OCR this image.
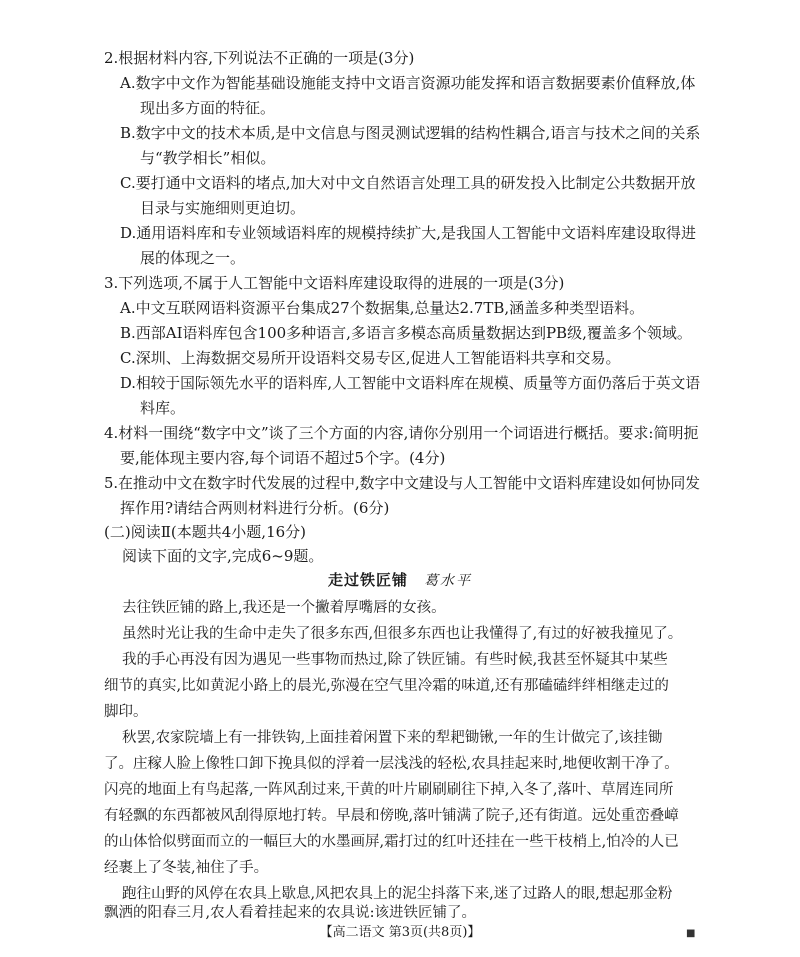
2.根据材料内容,下列说法不正确的一项是(3分)
A.数字中文作为智能基础设施能支持中文语言资源功能发挥和语言数据要素价值释放,体
现出多方面的特征。
B.数字中文的技术本质,是中文信息与图灵测试逻辑的结构性耦合,语言与技术之间的关系
与“教学相长”相似。
C.要打通中文语料的堵点,加大对中文自然语言处理工具的研发投入比制定公共数据开放
目录与实施细则更迫切。
D.通用语料库和专业领域语料库的规模持续扩大,是我国人工智能中文语料库建设取得进
展的体现之一。
3.下列选项,不属于人工智能中文语料库建设取得的进展的一项是(3分)
A.中文互联网语料资源平台集成27个数据集,总量达2.7TB,涵盖多种类型语料。
B.西部AI语料库包含100多种语言,多语言多模态高质量数据达到PB级,覆盖多个领域。
C.深圳、上海数据交易所开设语料交易专区,促进人工智能语料共享和交易。
D.相较于国际领先水平的语料库,人工智能中文语料库在规模、质量等方面仍落后于英文语
料库。
4.材料一围绕“数字中文”谈了三个方面的内容,请你分别用一个词语进行概括。要求:简明扼
要,能体现主要内容,每个词语不超过5个字。(4分)
5.在推动中文在数字时代发展的过程中,数字中文建设与人工智能中文语料库建设如何协同发
挥作用?请结合两则材料进行分析。(6分)
(二)阅读Ⅱ(本题共4小题,16分)
阅读下面的文字,完成6~9题。
走过铁匠铺 葛水平
去往铁匠铺的路上,我还是一个撇着厚嘴唇的女孩。
虽然时光让我的生命中走失了很多东西,但很多东西也让我懂得了,有过的好被我撞见了。
我的手心再没有因为遇见一些事物而热过,除了铁匠铺。有些时候,我甚至怀疑其中某些
细节的真实,比如黄泥小路上的晨光,弥漫在空气里冷霜的味道,还有那磕磕绊绊相继走过的
脚印。
秋罢,农家院墙上有一排铁钩,上面挂着闲置下来的犁耙锄锹,一年的生计做完了,该挂锄
了。庄稼人脸上像牲口卸下挽具似的浮着一层浅浅的轻松,农具挂起来时,地便收割干净了。
闪亮的地面上有鸟起落,一阵风刮过来,干黄的叶片刷刷刷往下掉,入冬了,落叶、草屑连同所
有轻飘的东西都被风刮得原地打转。早晨和傍晚,落叶铺满了院子,还有街道。远处重峦叠嶂
的山体恰似劈面而立的一幅巨大的水墨画屏,霜打过的红叶还挂在一些干枝梢上,怕冷的人已
经裹上了冬装,袖住了手。
跑往山野的风停在农具上歇息,风把农具上的泥尘抖落下来,迷了过路人的眼,想起那金粉
飘洒的阳春三月,农人看着挂起来的农具说:该进铁匠铺了。
【高二语文 第3页(共8页)】	■
